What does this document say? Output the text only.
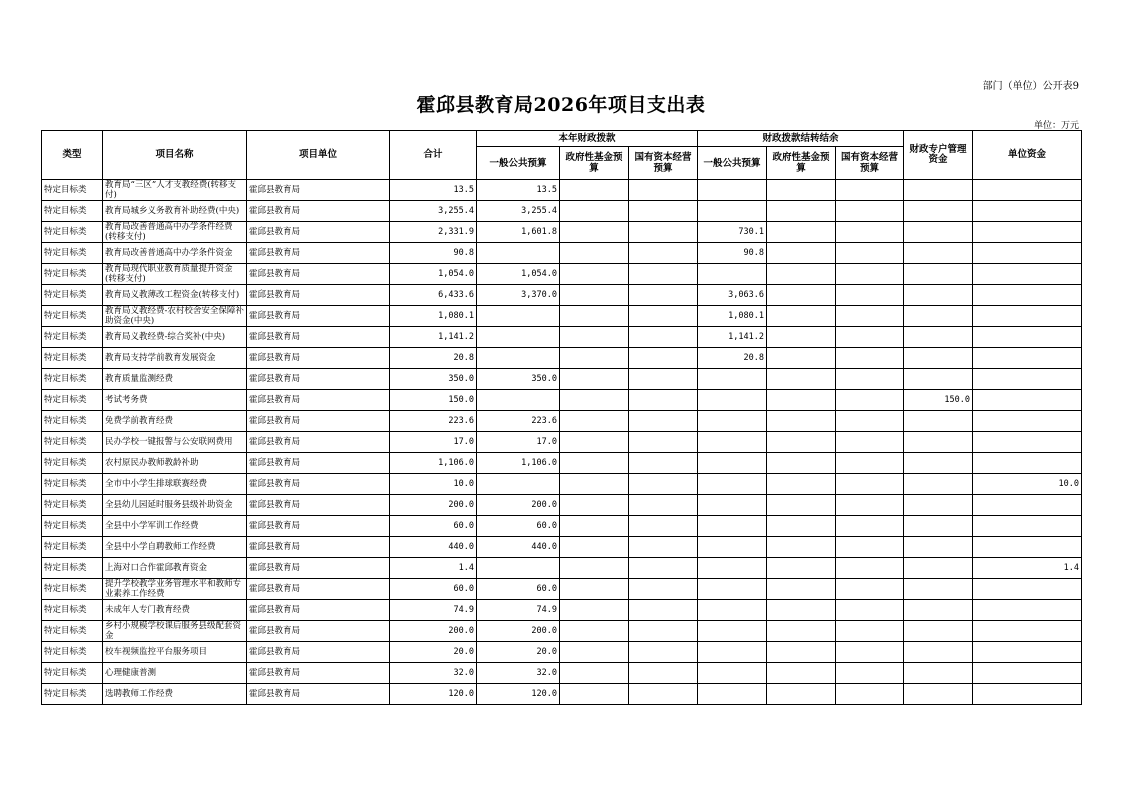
部门（单位）公开表9
霍邱县教育局2026年项目支出表
单位：万元
类型	项目名称	项目单位	合计	本年财政拨款			财政拨款结转结余			财政专户管理资金	单位资金
				一般公共预算	政府性基金预算	国有资本经营预算	一般公共预算	政府性基金预算	国有资本经营预算		
特定目标类	教育局“三区”人才支教经费(转移支付)	霍邱县教育局	13.5	13.5							
特定目标类	教育局城乡义务教育补助经费(中央)	霍邱县教育局	3,255.4	3,255.4							
特定目标类	教育局改善普通高中办学条件经费(转移支付)	霍邱县教育局	2,331.9	1,601.8			730.1				
特定目标类	教育局改善普通高中办学条件资金	霍邱县教育局	90.8				90.8				
特定目标类	教育局现代职业教育质量提升资金(转移支付)	霍邱县教育局	1,054.0	1,054.0							
特定目标类	教育局义教薄改工程资金(转移支付)	霍邱县教育局	6,433.6	3,370.0			3,063.6				
特定目标类	教育局义教经费-农村校舍安全保障补助资金(中央)	霍邱县教育局	1,080.1				1,080.1				
特定目标类	教育局义教经费-综合奖补(中央)	霍邱县教育局	1,141.2				1,141.2				
特定目标类	教育局支持学前教育发展资金	霍邱县教育局	20.8				20.8				
特定目标类	教育质量监测经费	霍邱县教育局	350.0	350.0							
特定目标类	考试考务费	霍邱县教育局	150.0							150.0	
特定目标类	免费学前教育经费	霍邱县教育局	223.6	223.6							
特定目标类	民办学校一键报警与公安联网费用	霍邱县教育局	17.0	17.0							
特定目标类	农村原民办教师教龄补助	霍邱县教育局	1,106.0	1,106.0							
特定目标类	全市中小学生排球联赛经费	霍邱县教育局	10.0								10.0
特定目标类	全县幼儿园延时服务县级补助资金	霍邱县教育局	200.0	200.0							
特定目标类	全县中小学军训工作经费	霍邱县教育局	60.0	60.0							
特定目标类	全县中小学自聘教师工作经费	霍邱县教育局	440.0	440.0							
特定目标类	上海对口合作霍邱教育资金	霍邱县教育局	1.4								1.4
特定目标类	提升学校教学业务管理水平和教师专业素养工作经费	霍邱县教育局	60.0	60.0							
特定目标类	未成年人专门教育经费	霍邱县教育局	74.9	74.9							
特定目标类	乡村小规模学校课后服务县级配套资金	霍邱县教育局	200.0	200.0							
特定目标类	校车视频监控平台服务项目	霍邱县教育局	20.0	20.0							
特定目标类	心理健康普测	霍邱县教育局	32.0	32.0							
特定目标类	选聘教师工作经费	霍邱县教育局	120.0	120.0							
